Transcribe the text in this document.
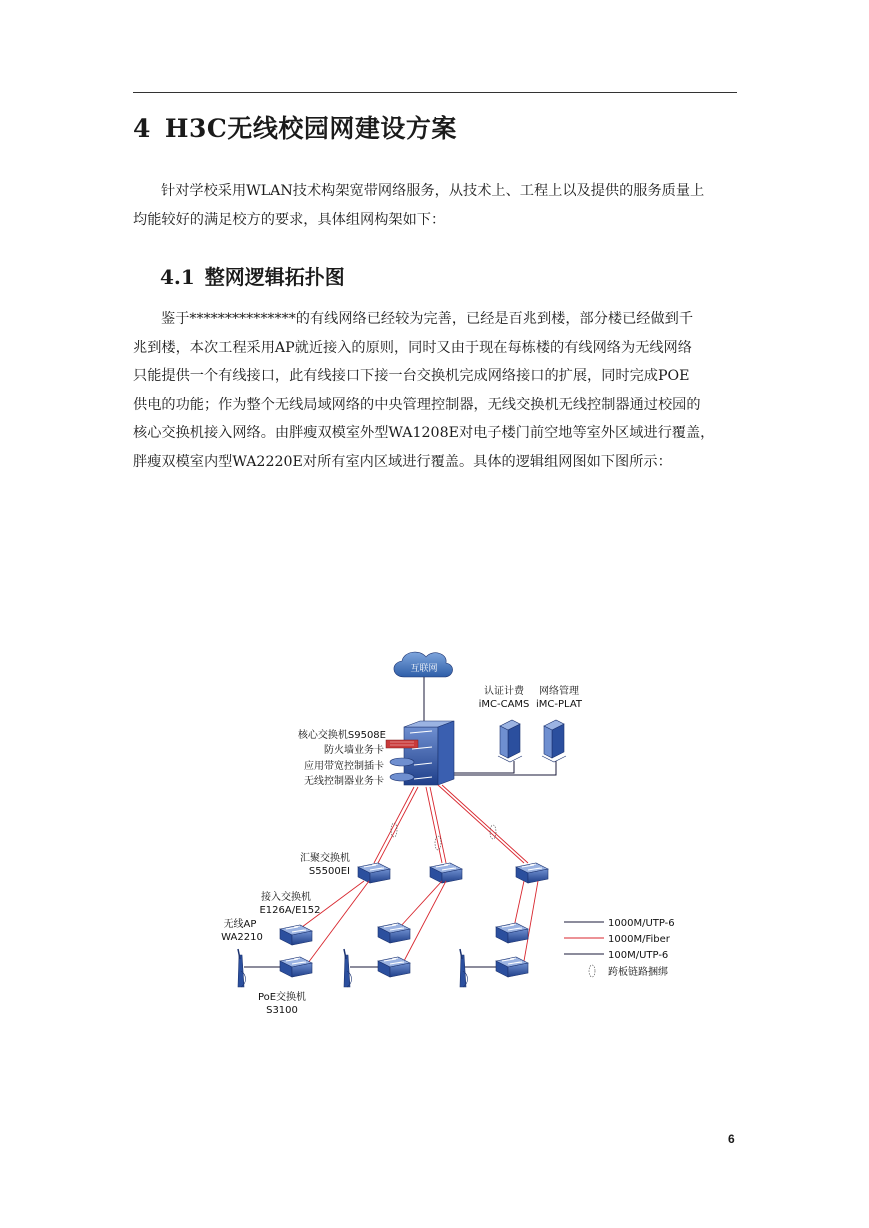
4 H3C无线校园网建设方案
针对学校采用WLAN技术构架宽带网络服务，从技术上、工程上以及提供的服务质量上
均能较好的满足校方的要求，具体组网构架如下：
4.1 整网逻辑拓扑图
鉴于***************的有线网络已经较为完善，已经是百兆到楼，部分楼已经做到千
兆到楼，本次工程采用AP就近接入的原则，同时又由于现在每栋楼的有线网络为无线网络
只能提供一个有线接口，此有线接口下接一台交换机完成网络接口的扩展，同时完成POE
供电的功能；作为整个无线局域网络的中央管理控制器，无线交换机无线控制器通过校园的
核心交换机接入网络。由胖瘦双模室外型WA1208E对电子楼门前空地等室外区域进行覆盖，
胖瘦双模室内型WA2220E对所有室内区域进行覆盖。具体的逻辑组网图如下图所示：
互联网
认证计费
iMC-CAMS
网络管理
iMC-PLAT
核心交换机S9508E
防火墙业务卡
应用带宽控制插卡
无线控制器业务卡
汇聚交换机
S5500EI
接入交换机
E126A/E152
PoE交换机
S3100
无线AP
WA2210
1000M/UTP-6
1000M/Fiber
100M/UTP-6
跨板链路捆绑
6
